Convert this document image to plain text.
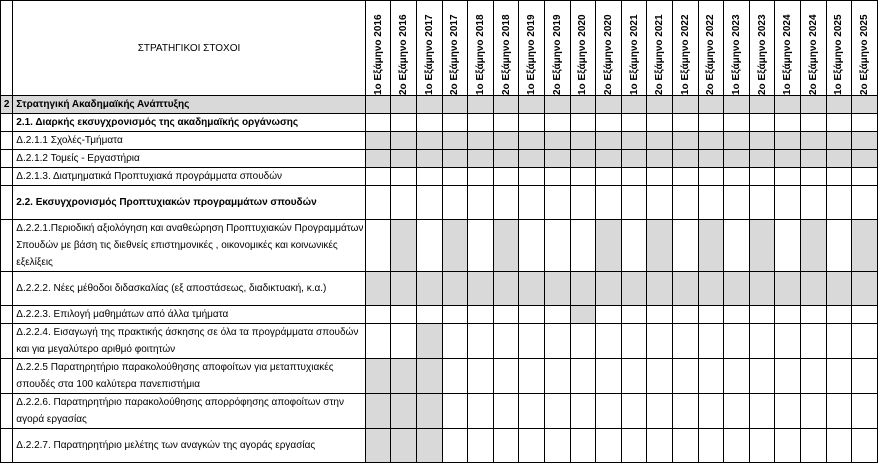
	ΣΤΡΑΤΗΓΙΚΟΙ ΣΤΟΧΟΙ	1ο Εξάμηνο 2016	2ο Εξάμηνο 2016	1ο Εξάμηνο 2017	2ο Εξάμηνο 2017	1ο Εξάμηνο 2018	2ο Εξάμηνο 2018	1ο Εξάμηνο 2019	2ο Εξάμηνο 2019	1ο Εξάμηνο 2020	2ο Εξάμηνο 2020	1ο Εξάμηνο 2021	2ο Εξάμηνο 2021	1ο Εξάμηνο 2022	2ο Εξάμηνο 2022	1ο Εξάμηνο 2023	2ο Εξάμηνο 2023	1ο Εξάμηνο 2024	2ο Εξάμηνο 2024	1ο Εξάμηνο 2025	2ο Εξάμηνο 2025

2	Στρατηγική Ακαδημαϊκής Ανάπτυξης																				
	2.1. Διαρκής εκσυγχρονισμός της ακαδημαϊκής οργάνωσης																				
	Δ.2.1.1 Σχολές-Τμήματα																				
	Δ.2.1.2 Τομείς - Εργαστήρια																				
	Δ.2.1.3. Διατμηματικά Προπτυχιακά προγράμματα σπουδών																				
	2.2. Εκσυγχρονισμός Προπτυχιακών προγραμμάτων σπουδών																				
	Δ.2.2.1.Περιοδική αξιολόγηση και αναθεώρηση Προπτυχιακών Προγραμμάτων Σπουδών με βάση τις διεθνείς επιστημονικές , οικονομικές και κοινωνικές εξελίξεις																				
	Δ.2.2.2. Νέες μέθοδοι διδασκαλίας (εξ αποστάσεως, διαδικτυακή, κ.α.)																				
	Δ.2.2.3. Επιλογή μαθημάτων από άλλα τμήματα																				
	Δ.2.2.4. Εισαγωγή της πρακτικής άσκησης σε όλα τα προγράμματα σπουδών και για μεγαλύτερο αριθμό φοιτητών																				
	Δ.2.2.5 Παρατηρητήριο παρακολούθησης αποφοίτων για μεταπτυχιακές σπουδές στα 100 καλύτερα πανεπιστήμια																				
	Δ.2.2.6. Παρατηρητήριο παρακολούθησης απορρόφησης αποφοίτων στην αγορά εργασίας																				
	Δ.2.2.7. Παρατηρητήριο μελέτης των αναγκών της αγοράς εργασίας																				
